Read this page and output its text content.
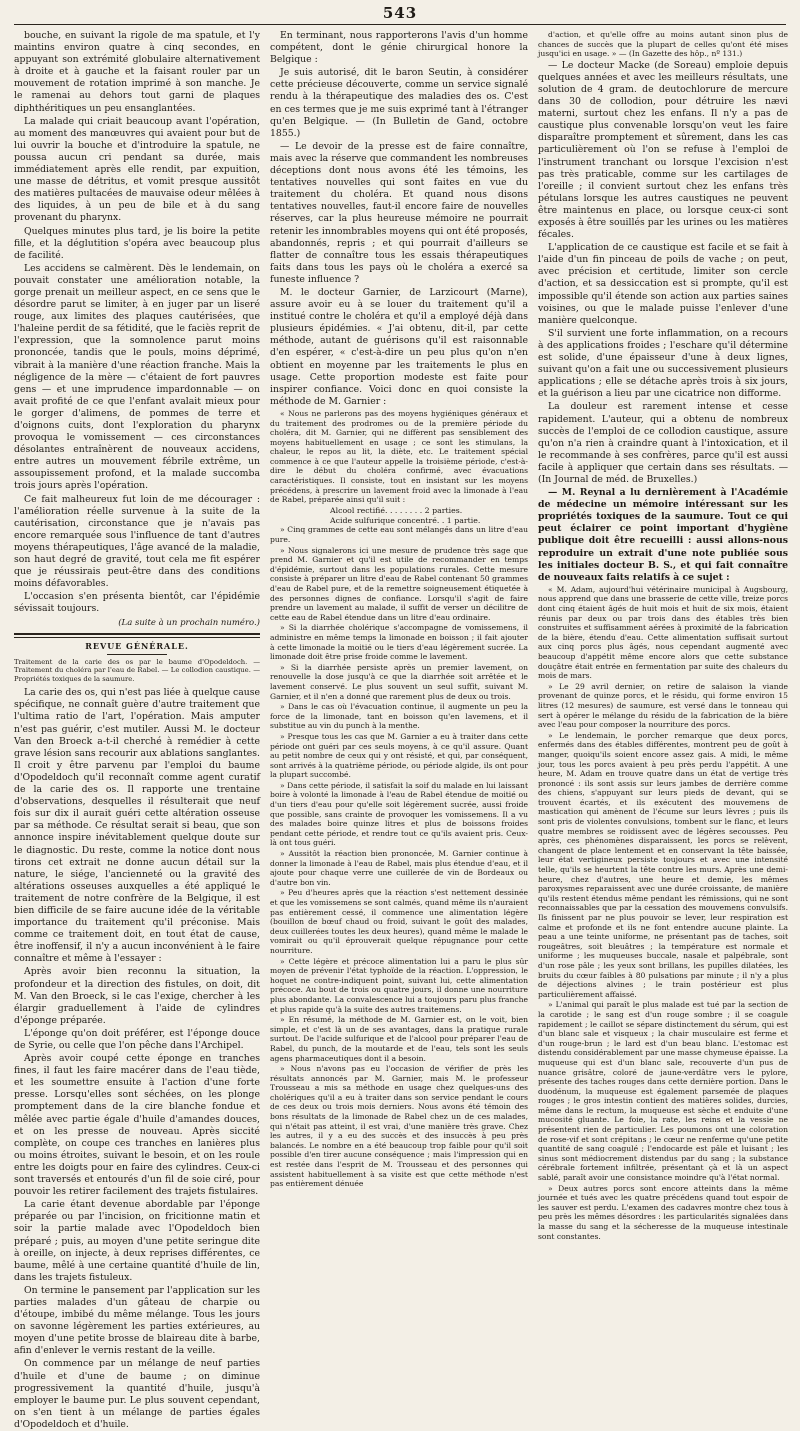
543

bouche, en suivant la rigole de ma spatule, et l'y maintins environ quatre à cinq secondes, en appuyant son extrémité globulaire alternativement à droite et à gauche et la faisant rouler par un mouvement de rotation imprimé à son manche. Je le ramenai au dehors tout garni de plaques diphthéritiques un peu ensanglantées.

La malade qui criait beaucoup avant l'opération, au moment des manœuvres qui avaient pour but de lui ouvrir la bouche et d'introduire la spatule, ne poussa aucun cri pendant sa durée, mais immédiatement après elle rendit, par expuition, une masse de détritus, et vomit presque aussitôt des matières pultacées de mauvaise odeur mêlées à des liquides, à un peu de bile et à du sang provenant du pharynx.

Quelques minutes plus tard, je lis boire la petite fille, et la déglutition s'opéra avec beaucoup plus de facilité.

Les accidens se calmèrent. Dès le lendemain, on pouvait constater une amélioration notable, la gorge prenait un meilleur aspect, en ce sens que le désordre parut se limiter, à en juger par un liseré rouge, aux limites des plaques cautérisées, que l'haleine perdit de sa fétidité, que le faciès reprit de l'expression, que la somnolence parut moins prononcée, tandis que le pouls, moins déprimé, vibrait à la manière d'une réaction franche. Mais la négligence de la mère — c'étaient de fort pauvres gens — et une imprudence impardonnable — on avait profité de ce que l'enfant avalait mieux pour le gorger d'alimens, de pommes de terre et d'oignons cuits, dont l'exploration du pharynx provoqua le vomissement — ces circonstances désolantes entraînèrent de nouveaux accidens, entre autres un mouvement fébrile extrême, un assoupissement profond, et la malade succomba trois jours après l'opération.

Ce fait malheureux fut loin de me décourager : l'amélioration réelle survenue à la suite de la cautérisation, circonstance que je n'avais pas encore remarquée sous l'influence de tant d'autres moyens thérapeutiques, l'âge avancé de la maladie, son haut degré de gravité, tout cela me fit espérer que je réussirais peut-être dans des conditions moins défavorables.

L'occasion s'en présenta bientôt, car l'épidémie sévissait toujours.

(La suite à un prochain numéro.)

REVUE GÉNÉRALE.

Traitement de la carie des os par le baume d'Opodeldoch. — Traitement du choléra par l'eau de Rabel. — Le collodion caustique. — Propriétés toxiques de la saumure.

La carie des os, qui n'est pas liée à quelque cause spécifique, ne connaît guère d'autre traitement que l'ultima ratio de l'art, l'opération. Mais amputer n'est pas guérir, c'est mutiler. Aussi M. le docteur Van den Broeck a-t-il cherché à remédier à cette grave lésion sans recourir aux ablations sanglantes. Il croit y être parvenu par l'emploi du baume d'Opodeldoch qu'il reconnaît comme agent curatif de la carie des os. Il rapporte une trentaine d'observations, desquelles il résulterait que neuf fois sur dix il aurait guéri cette altération osseuse par sa méthode. Ce résultat serait si beau, que son annonce inspire inévitablement quelque doute sur le diagnostic. Du reste, comme la notice dont nous tirons cet extrait ne donne aucun détail sur la nature, le siége, l'ancienneté ou la gravité des altérations osseuses auxquelles a été appliqué le traitement de notre confrère de la Belgique, il est bien difficile de se faire aucune idée de la véritable importance du traitement qu'il préconise. Mais comme ce traitement doit, en tout état de cause, être inoffensif, il n'y a aucun inconvénient à le faire connaître et même à l'essayer :

Après avoir bien reconnu la situation, la profondeur et la direction des fistules, on doit, dit M. Van den Broeck, si le cas l'exige, chercher à les élargir graduellement à l'aide de cylindres d'éponge préparée.

L'éponge qu'on doit préférer, est l'éponge douce de Syrie, ou celle que l'on pêche dans l'Archipel.

Après avoir coupé cette éponge en tranches fines, il faut les faire macérer dans de l'eau tiède, et les soumettre ensuite à l'action d'une forte presse. Lorsqu'elles sont séchées, on les plonge promptement dans de la cire blanche fondue et mêlée avec partie égale d'huile d'amandes douces, et on les presse de nouveau. Après siccité complète, on coupe ces tranches en lanières plus ou moins étroites, suivant le besoin, et on les roule entre les doigts pour en faire des cylindres. Ceux-ci sont traversés et entourés d'un fil de soie ciré, pour pouvoir les retirer facilement des trajets fistulaires.

La carie étant devenue abordable par l'éponge préparée ou par l'incision, on fricitionne matin et soir la partie malade avec l'Opodeldoch bien préparé ; puis, au moyen d'une petite seringue dite à oreille, on injecte, à deux reprises différentes, ce baume, mêlé à une certaine quantité d'huile de lin, dans les trajets fistuleux.

On termine le pansement par l'application sur les parties malades d'un gâteau de charpie ou d'étoupe, imbibé du même mélange. Tous les jours on savonne légèrement les parties extérieures, au moyen d'une petite brosse de blaireau dite à barbe, afin d'enlever le vernis restant de la veille.

On commence par un mélange de neuf parties d'huile et d'une de baume ; on diminue progressivement la quantité d'huile, jusqu'à employer le baume pur. Le plus souvent cependant, on s'en tient à un mélange de parties égales d'Opodeldoch et d'huile.

En terminant, nous rapporterons l'avis d'un homme compétent, dont le génie chirurgical honore la Belgique :

Je suis autorisé, dit le baron Seutin, à considérer cette précieuse découverte, comme un service signalé rendu à la thérapeutique des maladies des os. C'est en ces termes que je me suis exprimé tant à l'étranger qu'en Belgique. — (In Bulletin de Gand, octobre 1855.)

— Le devoir de la presse est de faire connaître, mais avec la réserve que commandent les nombreuses déceptions dont nous avons été les témoins, les tentatives nouvelles qui sont faites en vue du traitement du choléra. Et quand nous disons tentatives nouvelles, faut-il encore faire de nouvelles réserves, car la plus heureuse mémoire ne pourrait retenir les innombrables moyens qui ont été proposés, abandonnés, repris ; et qui pourrait d'ailleurs se flatter de connaître tous les essais thérapeutiques faits dans tous les pays où le choléra a exercé sa funeste influence ?

M. le docteur Garnier, de Larzicourt (Marne), assure avoir eu à se louer du traitement qu'il a institué contre le choléra et qu'il a employé déjà dans plusieurs épidémies. « J'ai obtenu, dit-il, par cette méthode, autant de guérisons qu'il est raisonnable d'en espérer, « c'est-à-dire un peu plus qu'on n'en obtient en moyenne par les traitements le plus en usage. Cette proportion modeste est faite pour inspirer confiance. Voici donc en quoi consiste la méthode de M. Garnier :

« Nous ne parlerons pas des moyens hygiéniques généraux et du traitement des prodromes ou de la première période du choléra, dit M. Garnier, qui ne diffèrent pas sensiblement des moyens habituellement en usage ; ce sont les stimulans, la chaleur, le repos au lit, la diète, etc. Le traitement spécial commence à ce que l'auteur appelle la troisième période, c'est-à-dire le début du choléra confirmé, avec évacuations caractéristiques. Il consiste, tout en insistant sur les moyens précédens, à prescrire un lavement froid avec la limonade à l'eau de Rabel, préparée ainsi qu'il suit :

Alcool rectifié. . . . . . . . 2 parties.
Acide sulfurique concentré. . 1 partie.

» Cinq grammes de cette eau sont mélangés dans un litre d'eau pure.

» Nous signalerons ici une mesure de prudence très sage que prend M. Garnier et qu'il est utile de recommander en temps d'épidémie, surtout dans les populations rurales. Cette mesure consiste à préparer un litre d'eau de Rabel contenant 50 grammes d'eau de Rabel pure, et de la remettre soigneusement étiquetée à des personnes dignes de confiance. Lorsqu'il s'agit de faire prendre un lavement au malade, il suffit de verser un décilitre de cette eau de Rabel étendue dans un litre d'eau ordinaire.

» Si la diarrhée cholérique s'accompagne de vomissemens, il administre en même temps la limonade en boisson ; il fait ajouter à cette limonade la moitié ou le tiers d'eau légèrement sucrée. La limonade doit être prise froide comme le lavement.

» Si la diarrhée persiste après un premier lavement, on renouvelle la dose jusqu'à ce que la diarrhée soit arrêtée et le lavement conservé. Le plus souvent un seul suffit, suivant M. Garnier, et il n'en a donné que rarement plus de deux ou trois.

» Dans le cas où l'évacuation continue, il augmente un peu la force de la limonade, tant en boisson qu'en lavemens, et il substitue au vin du punch à la menthe.

» Presque tous les cas que M. Garnier a eu à traiter dans cette période ont guéri par ces seuls moyens, à ce qu'il assure. Quant au petit nombre de ceux qui y ont résisté, et qui, par conséquent, sont arrivés à la quatrième période, ou période algide, ils ont pour la plupart succombé.

» Dans cette période, il satisfait la soif du malade en lui laissant boire à volonté la limonade à l'eau de Rabel étendue de moitié ou d'un tiers d'eau pour qu'elle soit légèrement sucrée, aussi froide que possible, sans crainte de provoquer les vomissemens. Il a vu des malades boire quinze litres et plus de boissons froides pendant cette période, et rendre tout ce qu'ils avaient pris. Ceux-là ont tous guéri.

» Aussitôt la réaction bien prononcée, M. Garnier continue à donner la limonade à l'eau de Rabel, mais plus étendue d'eau, et il ajoute pour chaque verre une cuillerée de vin de Bordeaux ou d'autre bon vin.

» Peu d'heures après que la réaction s'est nettement dessinée et que les vomissemens se sont calmés, quand même ils n'auraient pas entièrement cessé, il commence une alimentation légère (bouillon de bœuf chaud ou froid, suivant le goût des malades, deux cuillerées toutes les deux heures), quand même le malade le vomirait ou qu'il éprouverait quelque répugnance pour cette nourriture.

» Cette légère et précoce alimentation lui a paru le plus sûr moyen de prévenir l'état typhoïde de la réaction. L'oppression, le hoquet ne contre-indiquent point, suivant lui, cette alimentation précoce. Au bout de trois ou quatre jours, il donne une nourriture plus abondante. La convalescence lui a toujours paru plus franche et plus rapide qu'à la suite des autres traitemens.

» En résumé, la méthode de M. Garnier est, on le voit, bien simple, et c'est là un de ses avantages, dans la pratique rurale surtout. De l'acide sulfurique et de l'alcool pour préparer l'eau de Rabel, du punch, de la moutarde et de l'eau, tels sont les seuls agens pharmaceutiques dont il a besoin.

» Nous n'avons pas eu l'occasion de vérifier de près les résultats annoncés par M. Garnier, mais M. le professeur Trousseau a mis sa méthode en usage chez quelques-uns des cholériques qu'il a eu à traiter dans son service pendant le cours de ces deux ou trois mois derniers. Nous avons été témoin des bons résultats de la limonade de Rabel chez un de ces malades, qui n'était pas atteint, il est vrai, d'une manière très grave. Chez les autres, il y a eu des succès et des insuccès à peu près balancés. Le nombre en a été beaucoup trop faible pour qu'il soit possible d'en tirer aucune conséquence ; mais l'impression qui en est restée dans l'esprit de M. Trousseau et des personnes qui assistent habituellement à sa visite est que cette méthode n'est pas entièrement dénuée

d'action, et qu'elle offre au moins autant sinon plus de chances de succès que la plupart de celles qu'ont été mises jusqu'ici en usage. » — (In Gazette des hôp., nº 131.)

— Le docteur Macke (de Soreau) emploie depuis quelques années et avec les meilleurs résultats, une solution de 4 gram. de deutochlorure de mercure dans 30 de collodion, pour détruire les nævi materni, surtout chez les enfans. Il n'y a pas de caustique plus convenable lorsqu'on veut les faire disparaître promptement et sûrement, dans les cas particulièrement où l'on se refuse à l'emploi de l'instrument tranchant ou lorsque l'excision n'est pas très praticable, comme sur les cartilages de l'oreille ; il convient surtout chez les enfans très pétulans lorsque les autres caustiques ne peuvent être maintenus en place, ou lorsque ceux-ci sont exposés à être souillés par les urines ou les matières fécales.

L'application de ce caustique est facile et se fait à l'aide d'un fin pinceau de poils de vache ; on peut, avec précision et certitude, limiter son cercle d'action, et sa dessiccation est si prompte, qu'il est impossible qu'il étende son action aux parties saines voisines, ou que le malade puisse l'enlever d'une manière quelconque.

S'il survient une forte inflammation, on a recours à des applications froides ; l'eschare qu'il détermine est solide, d'une épaisseur d'une à deux lignes, suivant qu'on a fait une ou successivement plusieurs applications ; elle se détache après trois à six jours, et la guérison a lieu par une cicatrice non difforme.

La douleur est rarement intense et cesse rapidement. L'auteur, qui a obtenu de nombreux succès de l'emploi de ce collodion caustique, assure qu'on n'a rien à craindre quant à l'intoxication, et il le recommande à ses confrères, parce qu'il est aussi facile à appliquer que certain dans ses résultats. — (In Journal de méd. de Bruxelles.)

— M. Reynal a lu dernièrement à l'Académie de médecine un mémoire intéressant sur les propriétés toxiques de la saumure. Tout ce qui peut éclairer ce point important d'hygiène publique doit être recueilli : aussi allons-nous reproduire un extrait d'une note publiée sous les initiales docteur B. S., et qui fait connaître de nouveaux faits relatifs à ce sujet :

« M. Adam, aujourd'hui vétérinaire municipal à Augsbourg, nous apprend que dans une brasserie de cette ville, treize porcs dont cinq étaient âgés de huit mois et huit de six mois, étaient réunis par deux ou par trois dans des étables très bien construites et suffisamment aérées à proximité de la fabrication de la bière, étendu d'eau. Cette alimentation suffisait surtout aux cinq porcs plus âgés, nous cependant augmenté avec beaucoup d'appétit même encore alors que cette substance douçâtre était entrée en fermentation par suite des chaleurs du mois de mars.

» Le 29 avril dernier, on retire de salaison la viande provenant de quinze porcs, et le résidu, qui forme environ 15 litres (12 mesures) de saumure, est versé dans le tonneau qui sert à opérer le mélange du résidu de la fabrication de la bière avec l'eau pour composer la nourriture des porcs.

» Le lendemain, le porcher remarque que deux porcs, enfermés dans des étables différentes, montrent peu de goût à manger, quoiqu'ils soient encore assez gais. A midi, le même jour, tous les porcs avaient à peu près perdu l'appétit. A une heure, M. Adam en trouve quatre dans un état de vertige très prononcé : ils sont assis sur leurs jambes de derrière comme des chiens, s'appuyant sur leurs pieds de devant, qui se trouvent écartés, et ils exécutent des mouvemens de mastication qui amènent de l'écume sur leurs lèvres ; puis ils sont pris de violentes convulsions, tombent sur le flanc, et leurs quatre membres se roidissent avec de légères secousses. Peu après, ces phénomènes disparaissent, les porcs se relèvent, changent de place lentement et en conservant la tête baissée, leur état vertigineux persiste toujours et avec une intensité telle, qu'ils se heurtent la tête contre les murs. Après une demi-heure, chez d'autres, une heure et demie, les mêmes paroxysmes reparaissent avec une durée croissante, de manière qu'ils restent étendus même pendant les rémissions, qui ne sont reconnaissables que par la cessation des mouvemens convulsifs. Ils finissent par ne plus pouvoir se lever, leur respiration est calme et profonde et ils ne font entendre aucune plainte. La peau a une teinte uniforme, ne présentant pas de taches, soit rougeâtres, soit bleuâtres ; la température est normale et uniforme ; les muqueuses buccale, nasale et palpébrale, sont d'un rose pâle ; les yeux sont brillans, les pupilles dilatées, les bruits du cœur faibles à 80 pulsations par minute ; il n'y a plus de déjections alvines ; le train postérieur est plus particulièrement affaissé.

» L'animal qui paraît le plus malade est tué par la section de la carotide ; le sang est d'un rouge sombre ; il se coagule rapidement ; le caillot se sépare distinctement du sérum, qui est d'un blanc sale et visqueux ; la chair musculaire est ferme et d'un rouge-brun ; le lard est d'un beau blanc. L'estomac est distendu considérablement par une masse chymeuse épaisse. La muqueuse qui est d'un blanc sale, recouverte d'un pus de nuance grisâtre, coloré de jaune-verdâtre vers le pylore, présente des taches rouges dans cette dernière portion. Dans le duodénum, la muqueuse est également parsemée de plaques rouges ; le gros intestin contient des matières solides, durcies, même dans le rectum, la muqueuse est sèche et enduite d'une mucosité gluante. Le foie, la rate, les reins et la vessie ne présentent rien de particulier. Les poumons ont une coloration de rose-vif et sont crépitans ; le cœur ne renferme qu'une petite quantité de sang coagulé ; l'endocarde est pâle et luisant ; les sinus sont médiocrement distendus par du sang ; la substance cérébrale fortement infiltrée, présentant çà et là un aspect sablé, paraît avoir une consistance moindre qu'à l'état normal.

» Deux autres porcs sont encore atteints dans la même journée et tués avec les quatre précédens quand tout espoir de les sauver est perdu. L'examen des cadavres montre chez tous à peu près les mêmes désordres : les particularités signalées dans la masse du sang et la sécheresse de la muqueuse intestinale sont constantes.
